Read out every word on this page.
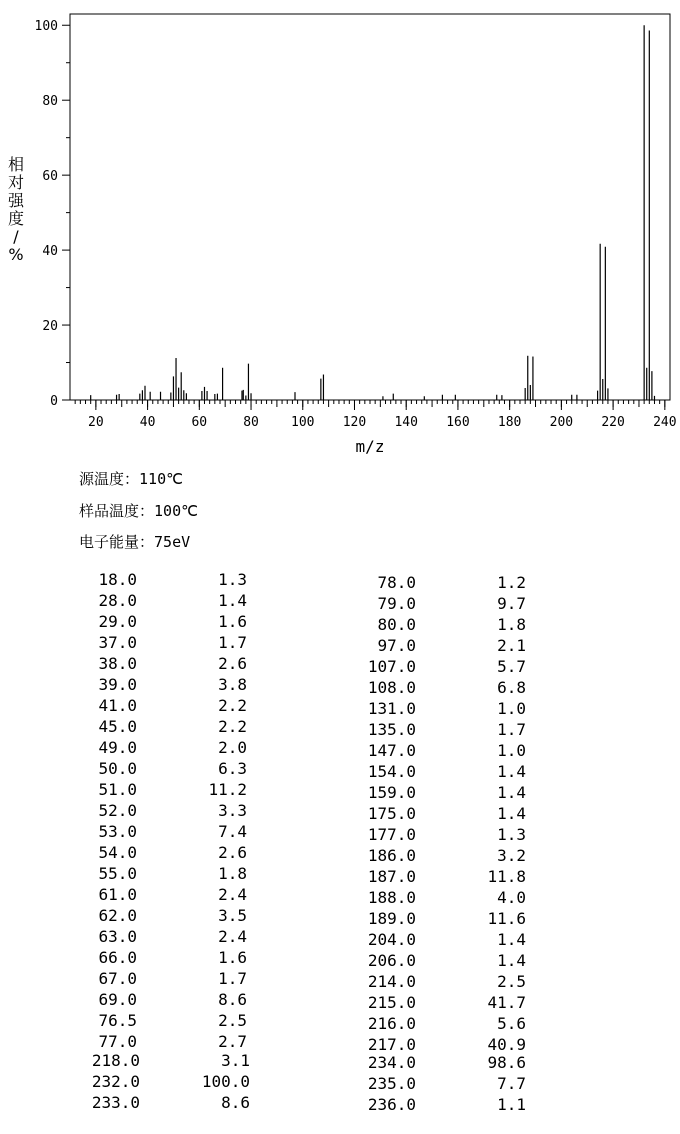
20	40	60	80 100 120 140 160 180 200 220 240
0
20
40
60
80
100
m/z
相对强度/ %
源温度：110℃
样品温度：100℃
电子能量：75eV
18.0	1.3
28.0	1.4
29.0	1.6
37.0	1.7
38.0	2.6
39.0	3.8
41.0	2.2
45.0	2.2
49.0	2.0
50.0	6.3
51.0	11.2
52.0	3.3
53.0	7.4
54.0	2.6
55.0	1.8
61.0	2.4
62.0	3.5
63.0	2.4
66.0	1.6
67.0	1.7
69.0	8.6
76.5	2.5
77.0	2.7
78.0	1.2
79.0	9.7
80.0	1.8
97.0	2.1
107.0	5.7
108.0	6.8
131.0	1.0
135.0	1.7
147.0	1.0
154.0	1.4
159.0	1.4
175.0	1.4
177.0	1.3
186.0	3.2
187.0	11.8
188.0	4.0
189.0	11.6
204.0	1.4
206.0	1.4
214.0	2.5
215.0	41.7
216.0	5.6
217.0	40.9
218.0	3.1
232.0	100.0
233.0	8.6
234.0	98.6
235.0	7.7
236.0	1.1
